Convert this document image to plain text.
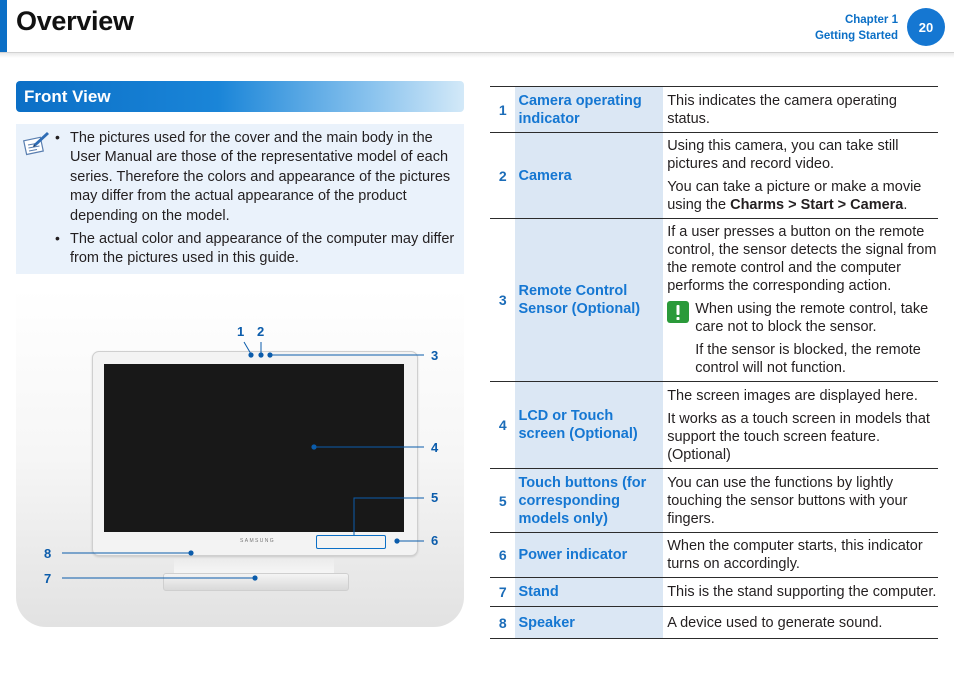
Overview	Chapter 1
Getting Started
20
Front View
• The pictures used for the cover and the main body in the User Manual are those of the representative model of each series. Therefore the colors and appearance of the pictures may differ from the actual appearance of the product depending on the model.
• The actual color and appearance of the computer may differ from the pictures used in this guide.
SAMSUNG
1 2
3
4
5
6
7
8
1	Camera operating indicator	This indicates the camera operating status.

2	Camera	Using this camera, you can take still pictures and record video.

You can take a picture or make a movie using the Charms > Start > Camera.

3	Remote Control Sensor (Optional)	If a user presses a button on the remote control, the sensor detects the signal from the remote control and the computer performs the corresponding action.

When using the remote control, take care not to block the sensor.

If the sensor is blocked, the remote control will not function.

4	LCD or Touch screen (Optional)	The screen images are displayed here.

It works as a touch screen in models that support the touch screen feature. (Optional)

5	Touch buttons (for corresponding models only)	You can use the functions by lightly touching the sensor buttons with your fingers.

6	Power indicator	When the computer starts, this indicator turns on accordingly.

7	Stand	This is the stand supporting the computer.

8	Speaker	A device used to generate sound.
